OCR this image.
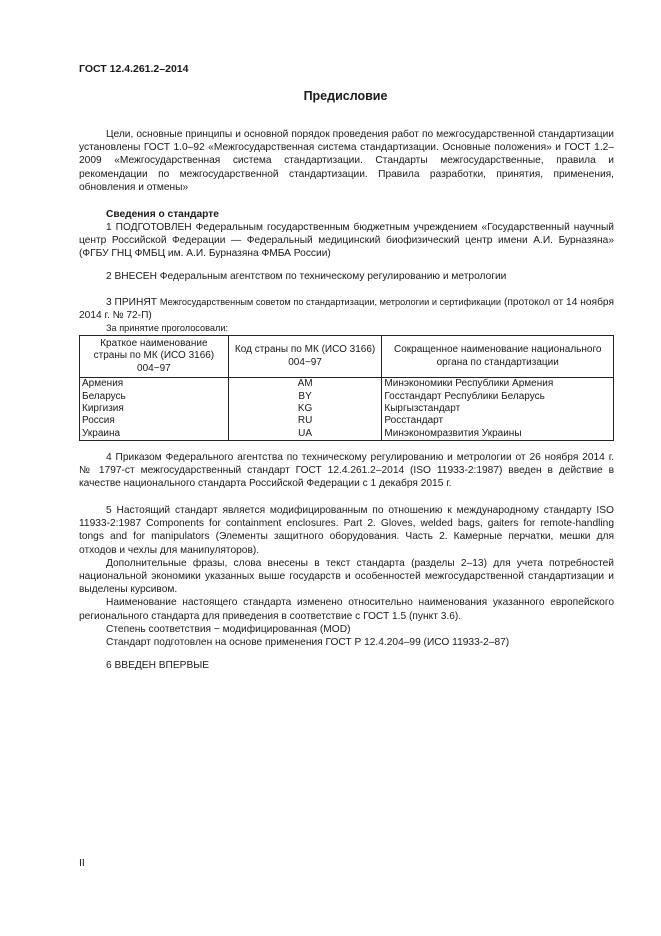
ГОСТ 12.4.261.2–2014
Предисловие
Цели, основные принципы и основной порядок проведения работ по межгосударственной стандартизации установлены ГОСТ 1.0–92 «Межгосударственная система стандартизации. Основные положения» и ГОСТ 1.2–2009 «Межгосударственная система стандартизации. Стандарты межгосударственные, правила и рекомендации по межгосударственной стандартизации. Правила разработки, принятия, применения, обновления и отмены»
Сведения о стандарте
1 ПОДГОТОВЛЕН Федеральным государственным бюджетным учреждением «Государственный научный центр Российской Федерации — Федеральный медицинский биофизический центр имени А.И. Бурназяна» (ФГБУ ГНЦ ФМБЦ им. А.И. Бурназяна ФМБА России)
2 ВНЕСЕН Федеральным агентством по техническому регулированию и метрологии
3 ПРИНЯТ Межгосударственным советом по стандартизации, метрологии и сертификации (протокол от 14 ноября 2014 г. № 72-П)
За принятие проголосовали:
Краткое наименование страны по МК (ИСО 3166) 004−97	Код страны по МК (ИСО 3166) 004−97	Сокращенное наименование национального органа по стандартизации
Армения	AM	Минэкономики Республики Армения
Беларусь	BY	Госстандарт Республики Беларусь
Киргизия	KG	Кыргызстандарт
Россия	RU	Росстандарт
Украина	UA	Минэкономразвития Украины
4 Приказом Федерального агентства по техническому регулированию и метрологии от 26 ноября 2014 г. № 1797-ст межгосударственный стандарт ГОСТ 12.4.261.2–2014 (ISO 11933-2:1987) введен в действие в качестве национального стандарта Российской Федерации с 1 декабря 2015 г.
5 Настоящий стандарт является модифицированным по отношению к международному стандарту ISO 11933-2:1987 Components for containment enclosures. Part 2. Gloves, welded bags, gaiters for remote-handling tongs and for manipulators (Элементы защитного оборудования. Часть 2. Камерные перчатки, мешки для отходов и чехлы для манипуляторов).
Дополнительные фразы, слова внесены в текст стандарта (разделы 2–13) для учета потребностей национальной экономики указанных выше государств и особенностей межгосударственной стандартизации и выделены курсивом.
Наименование настоящего стандарта изменено относительно наименования указанного европейского регионального стандарта для приведения в соответствие с ГОСТ 1.5 (пункт 3.6).
Степень соответствия − модифицированная (MOD)
Стандарт подготовлен на основе применения ГОСТ Р 12.4.204–99 (ИСО 11933-2–87)
6 ВВЕДЕН ВПЕРВЫЕ
II
